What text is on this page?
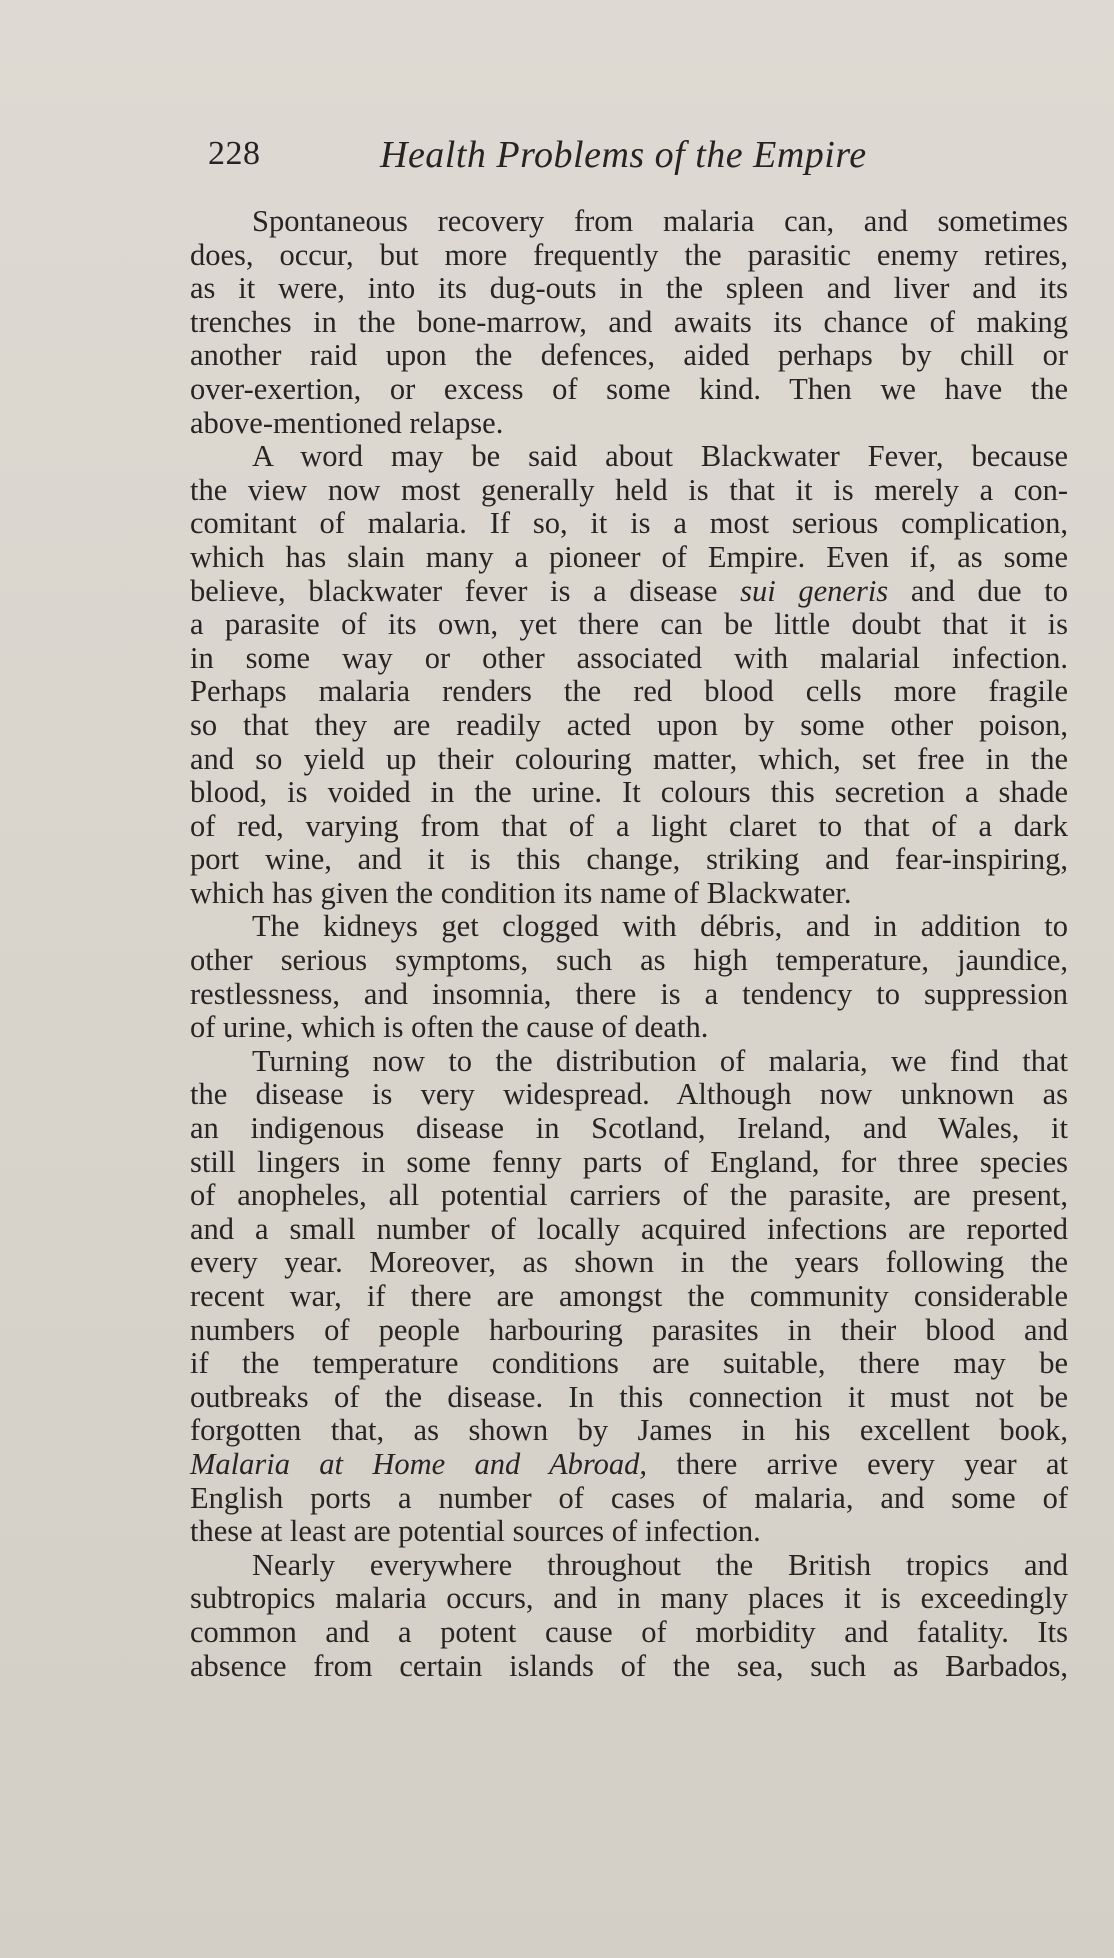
228	Health Problems of the Empire
Spontaneous recovery from malaria can, and sometimes
does, occur, but more frequently the parasitic enemy retires,
as it were, into its dug-outs in the spleen and liver and its
trenches in the bone-marrow, and awaits its chance of making
another raid upon the defences, aided perhaps by chill or
over-exertion, or excess of some kind. Then we have the
above-mentioned relapse.
A word may be said about Blackwater Fever, because
the view now most generally held is that it is merely a con-
comitant of malaria. If so, it is a most serious complication,
which has slain many a pioneer of Empire. Even if, as some
believe, blackwater fever is a disease sui generis and due to
a parasite of its own, yet there can be little doubt that it is
in some way or other associated with malarial infection.
Perhaps malaria renders the red blood cells more fragile
so that they are readily acted upon by some other poison,
and so yield up their colouring matter, which, set free in the
blood, is voided in the urine. It colours this secretion a shade
of red, varying from that of a light claret to that of a dark
port wine, and it is this change, striking and fear-inspiring,
which has given the condition its name of Blackwater.
The kidneys get clogged with débris, and in addition to
other serious symptoms, such as high temperature, jaundice,
restlessness, and insomnia, there is a tendency to suppression
of urine, which is often the cause of death.
Turning now to the distribution of malaria, we find that
the disease is very widespread. Although now unknown as
an indigenous disease in Scotland, Ireland, and Wales, it
still lingers in some fenny parts of England, for three species
of anopheles, all potential carriers of the parasite, are present,
and a small number of locally acquired infections are reported
every year. Moreover, as shown in the years following the
recent war, if there are amongst the community considerable
numbers of people harbouring parasites in their blood and
if the temperature conditions are suitable, there may be
outbreaks of the disease. In this connection it must not be
forgotten that, as shown by James in his excellent book,
Malaria at Home and Abroad, there arrive every year at
English ports a number of cases of malaria, and some of
these at least are potential sources of infection.
Nearly everywhere throughout the British tropics and
subtropics malaria occurs, and in many places it is exceedingly
common and a potent cause of morbidity and fatality. Its
absence from certain islands of the sea, such as Barbados,
